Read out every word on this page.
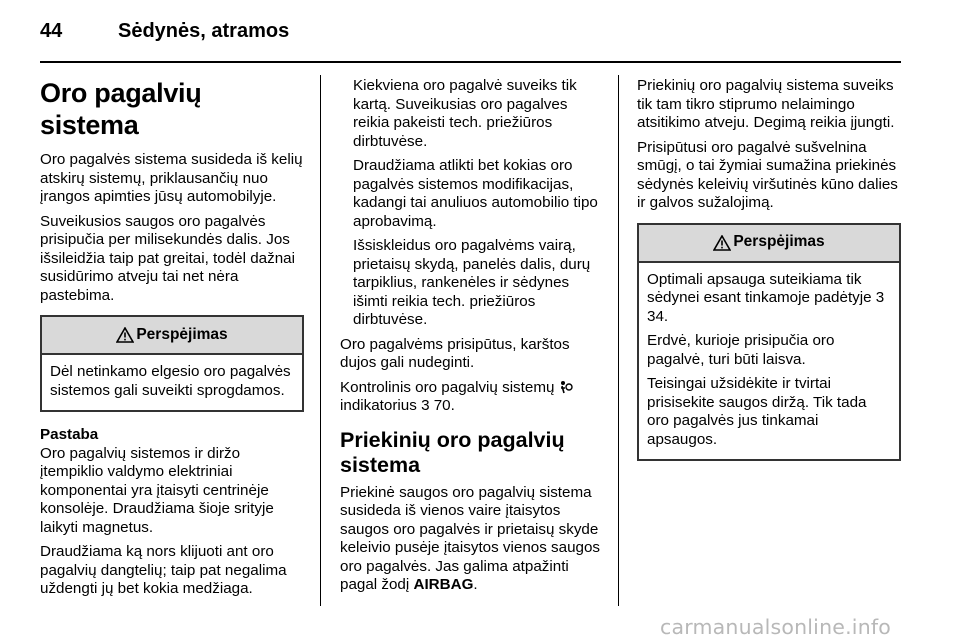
44	Sėdynės, atramos
Oro pagalvių sistema

Oro pagalvės sistema susideda iš kelių atskirų sistemų, priklausančių nuo įrangos apimties jūsų automobilyje.

Suveikusios saugos oro pagalvės prisipučia per milisekundės dalis. Jos išsileidžia taip pat greitai, todėl dažnai susidūrimo atveju tai net nėra pastebima.

Perspėjimas

Dėl netinkamo elgesio oro pagalvės sistemos gali suveikti sprogdamos.

Pastaba

Oro pagalvių sistemos ir diržo įtempiklio valdymo elektriniai komponentai yra įtaisyti centrinėje konsolėje. Draudžiama šioje srityje laikyti magnetus.

Draudžiama ką nors klijuoti ant oro pagalvių dangtelių; taip pat negalima uždengti jų bet kokia medžiaga.

Kiekviena oro pagalvė suveiks tik kartą. Suveikusias oro pagalves reikia pakeisti tech. priežiūros dirbtuvėse.

Draudžiama atlikti bet kokias oro pagalvės sistemos modifikacijas, kadangi tai anuliuos automobilio tipo aprobavimą.

Išsiskleidus oro pagalvėms vairą, prietaisų skydą, panelės dalis, durų tarpiklius, rankenėles ir sėdynes išimti reikia tech. priežiūros dirbtuvėse.

Oro pagalvėms prisipūtus, karštos dujos gali nudeginti.

Kontrolinis oro pagalvių sistemų  indikatorius 3 70.

Priekinių oro pagalvių sistema

Priekinė saugos oro pagalvių sistema susideda iš vienos vaire įtaisytos saugos oro pagalvės ir prietaisų skyde keleivio pusėje įtaisytos vienos saugos oro pagalvės. Jas galima atpažinti pagal žodį AIRBAG.

Priekinių oro pagalvių sistema suveiks tik tam tikro stiprumo nelaimingo atsitikimo atveju. Degimą reikia įjungti.

Prisipūtusi oro pagalvė sušvelnina smūgį, o tai žymiai sumažina priekinės sėdynės keleivių viršutinės kūno dalies ir galvos sužalojimą.

Perspėjimas

Optimali apsauga suteikiama tik sėdynei esant tinkamoje padėtyje 3 34.

Erdvė, kurioje prisipučia oro pagalvė, turi būti laisva.

Teisingai užsidėkite ir tvirtai prisisekite saugos diržą. Tik tada oro pagalvės jus tinkamai apsaugos.

carmanualsonline.info
